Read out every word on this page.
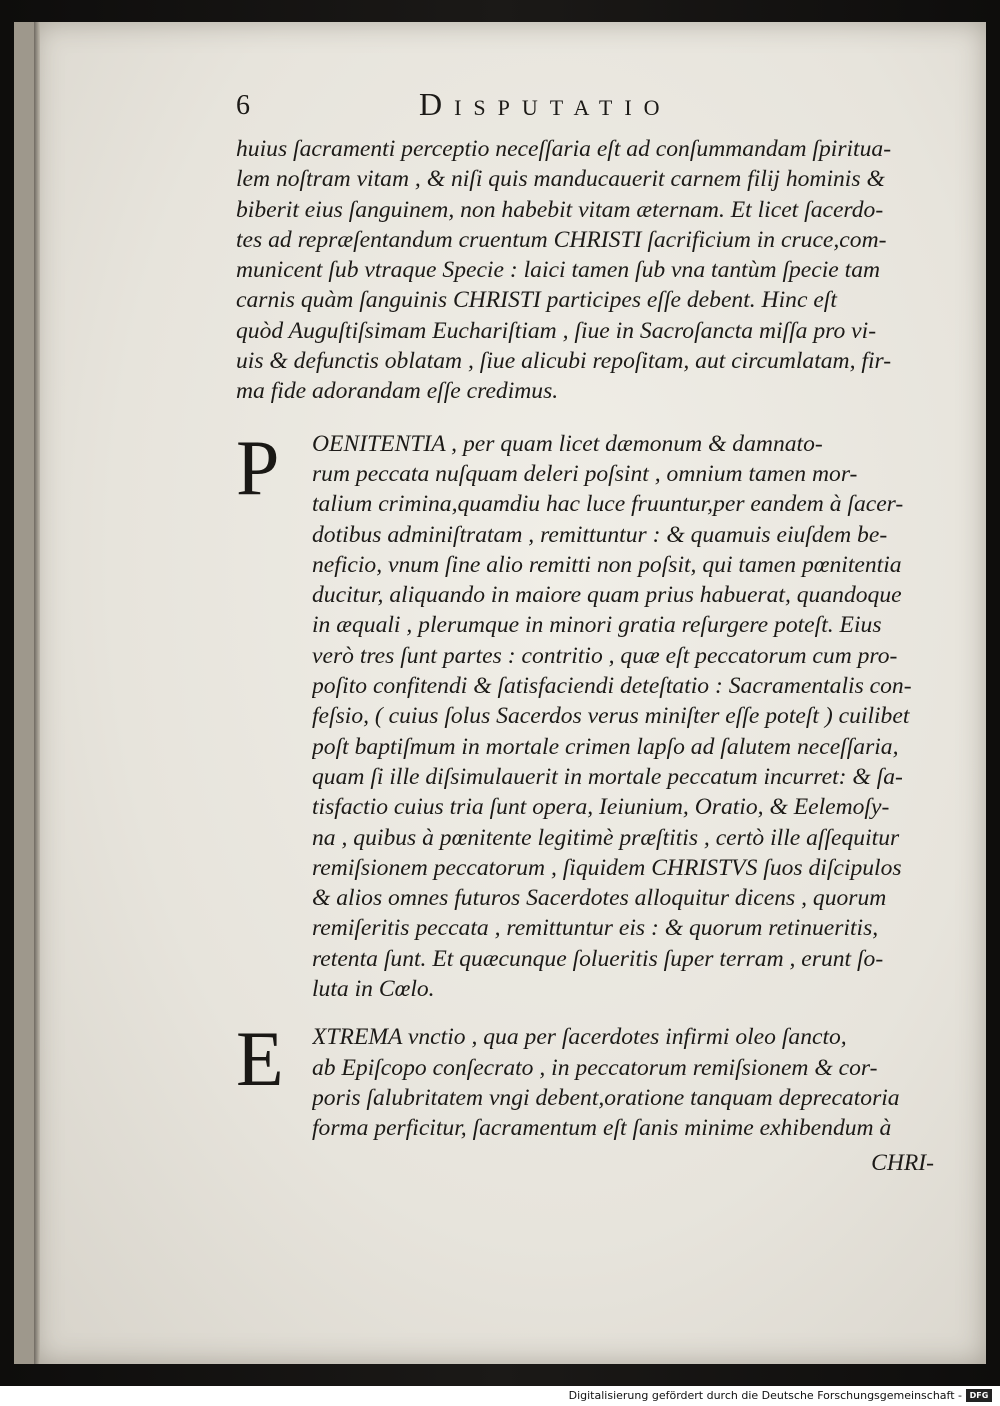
6	Disputatio
huius ſacramenti perceptio neceſſaria eſt ad conſummandam ſpiritua-
lem noſtram vitam , & niſi quis manducauerit carnem filij hominis &
biberit eius ſanguinem, non habebit vitam æternam. Et licet ſacerdo-
tes ad repræſentandum cruentum CHRISTI ſacrificium in cruce,com-
municent ſub vtraque Specie : laici tamen ſub vna tantùm ſpecie tam
carnis quàm ſanguinis CHRISTI participes eſſe debent. Hinc eſt
quòd Auguſtiſsimam Euchariſtiam , ſiue in Sacroſancta miſſa pro vi-
uis & defunctis oblatam , ſiue alicubi repoſitam, aut circumlatam, fir-
ma fide adorandam eſſe credimus.
P OENITENTIA , per quam licet dæmonum & damnato-
rum peccata nuſquam deleri poſsint , omnium tamen mor-
talium crimina,quamdiu hac luce fruuntur,per eandem à ſacer-
dotibus adminiſtratam , remittuntur : & quamuis eiuſdem be-
neficio, vnum ſine alio remitti non poſsit, qui tamen pœnitentia
ducitur, aliquando in maiore quam prius habuerat, quandoque
in æquali , plerumque in minori gratia reſurgere poteſt. Eius
verò tres ſunt partes : contritio , quæ eſt peccatorum cum pro-
poſito confitendi & ſatisfaciendi deteſtatio : Sacramentalis con-
feſsio, ( cuius ſolus Sacerdos verus miniſter eſſe poteſt ) cuilibet
poſt baptiſmum in mortale crimen lapſo ad ſalutem neceſſaria,
quam ſi ille diſsimulauerit in mortale peccatum incurret: & ſa-
tisfactio cuius tria ſunt opera, Ieiunium, Oratio, & Eelemoſy-
na , quibus à pœnitente legitimè præſtitis , certò ille aſſequitur
remiſsionem peccatorum , ſiquidem CHRISTVS ſuos diſcipulos
& alios omnes futuros Sacerdotes alloquitur dicens , quorum
remiſeritis peccata , remittuntur eis : & quorum retinueritis,
retenta ſunt. Et quæcunque ſolueritis ſuper terram , erunt ſo-
luta in Cœlo.
E XTREMA vnctio , qua per ſacerdotes infirmi oleo ſancto,
ab Epiſcopo conſecrato , in peccatorum remiſsionem & cor-
poris ſalubritatem vngi debent,oratione tanquam deprecatoria
forma perficitur, ſacramentum eſt ſanis minime exhibendum à
CHRI-
Digitalisierung gefördert durch die Deutsche Forschungsgemeinschaft - DFG
